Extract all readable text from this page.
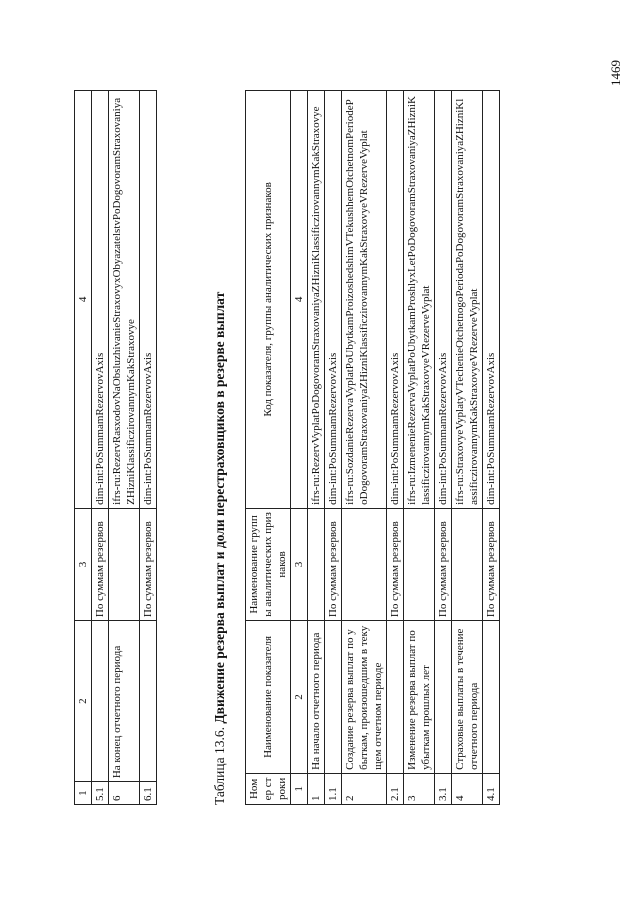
1	2	3	4
5.1		По суммам резервов	dim-int:PoSummamRezervovAxis
6	На конец отчетного периода		ifrs-ru:RezervRasxodovNaObsluzhivanieStraxovyxObyazatelstvPoDogovoramStraxovaniyaZHizniKlassificzirovannymKakStraxovye
6.1		По суммам резервов	dim-int:PoSummamRezervovAxis
Таблица 13.6. Движение резерва выплат и доли перестраховщиков в резерве выплат
Номер строки	Наименование показателя	Наименование группы аналитических признаков	Код показателя, группы аналитических признаков
1	2	3	4
1	На начало отчетного периода		ifrs-ru:RezervVyplatPoDogovoramStraxovaniyaZHizniKlassificzirovannymKakStraxovye
1.1		По суммам резервов	dim-int:PoSummamRezervovAxis
2	Создание резерва выплат по убыткам, произошедшим в текущем отчетном периоде		ifrs-ru:SozdanieRezervaVyplatPoUbytkamProizoshedshimVTekushhemOtchetnomPeriodePoDogovoramStraxovaniyaZHizniKlassificzirovannymKakStraxovyeVRezerveVyplat
2.1		По суммам резервов	dim-int:PoSummamRezervovAxis
3	Изменение резерва выплат по убыткам прошлых лет		ifrs-ru:IzmenenieRezervaVyplatPoUbytkamProshlyxLetPoDogovoramStraxovaniyaZHizniKlassificzirovannymKakStraxovyeVRezerveVyplat
3.1		По суммам резервов	dim-int:PoSummamRezervovAxis
4	Страховые выплаты в течение отчетного периода		ifrs-ru:StraxovyeVyplatyVTechenieOtchetnogoPeriodaPoDogovoramStraxovaniyaZHizniKlassificzirovannymKakStraxovyeVRezerveVyplat
4.1		По суммам резервов	dim-int:PoSummamRezervovAxis
1469
